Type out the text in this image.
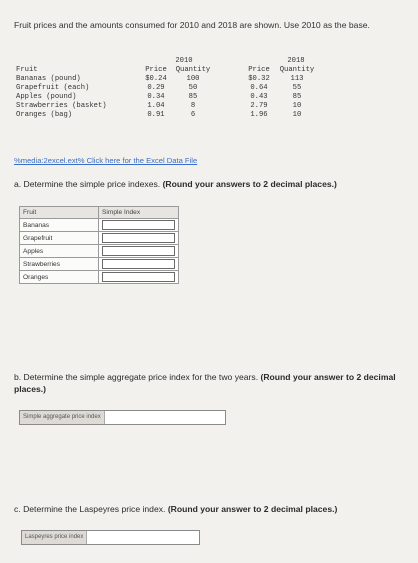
Fruit prices and the amounts consumed for 2010 and 2018 are shown. Use 2010 as the base.
2010	2018
Fruit	Price	Quantity	Price	Quantity
Bananas (pound)	$0.24	100	$0.32	113
Grapefruit (each)	0.29	50	0.64	55
Apples (pound)	0.34	85	0.43	85
Strawberries (basket)	1.04	8	2.79	10
Oranges (bag)	0.91	6	1.96	10
%media:2excel.ext% Click here for the Excel Data File
a. Determine the simple price indexes. (Round your answers to 2 decimal places.)
Fruit	Simple Index
Bananas	

Grapefruit	

Apples	

Strawberries	

Oranges	
b. Determine the simple aggregate price index for the two years. (Round your answer to 2 decimal places.)
Simple aggregate price index
c. Determine the Laspeyres price index. (Round your answer to 2 decimal places.)
Laspeyres price index
